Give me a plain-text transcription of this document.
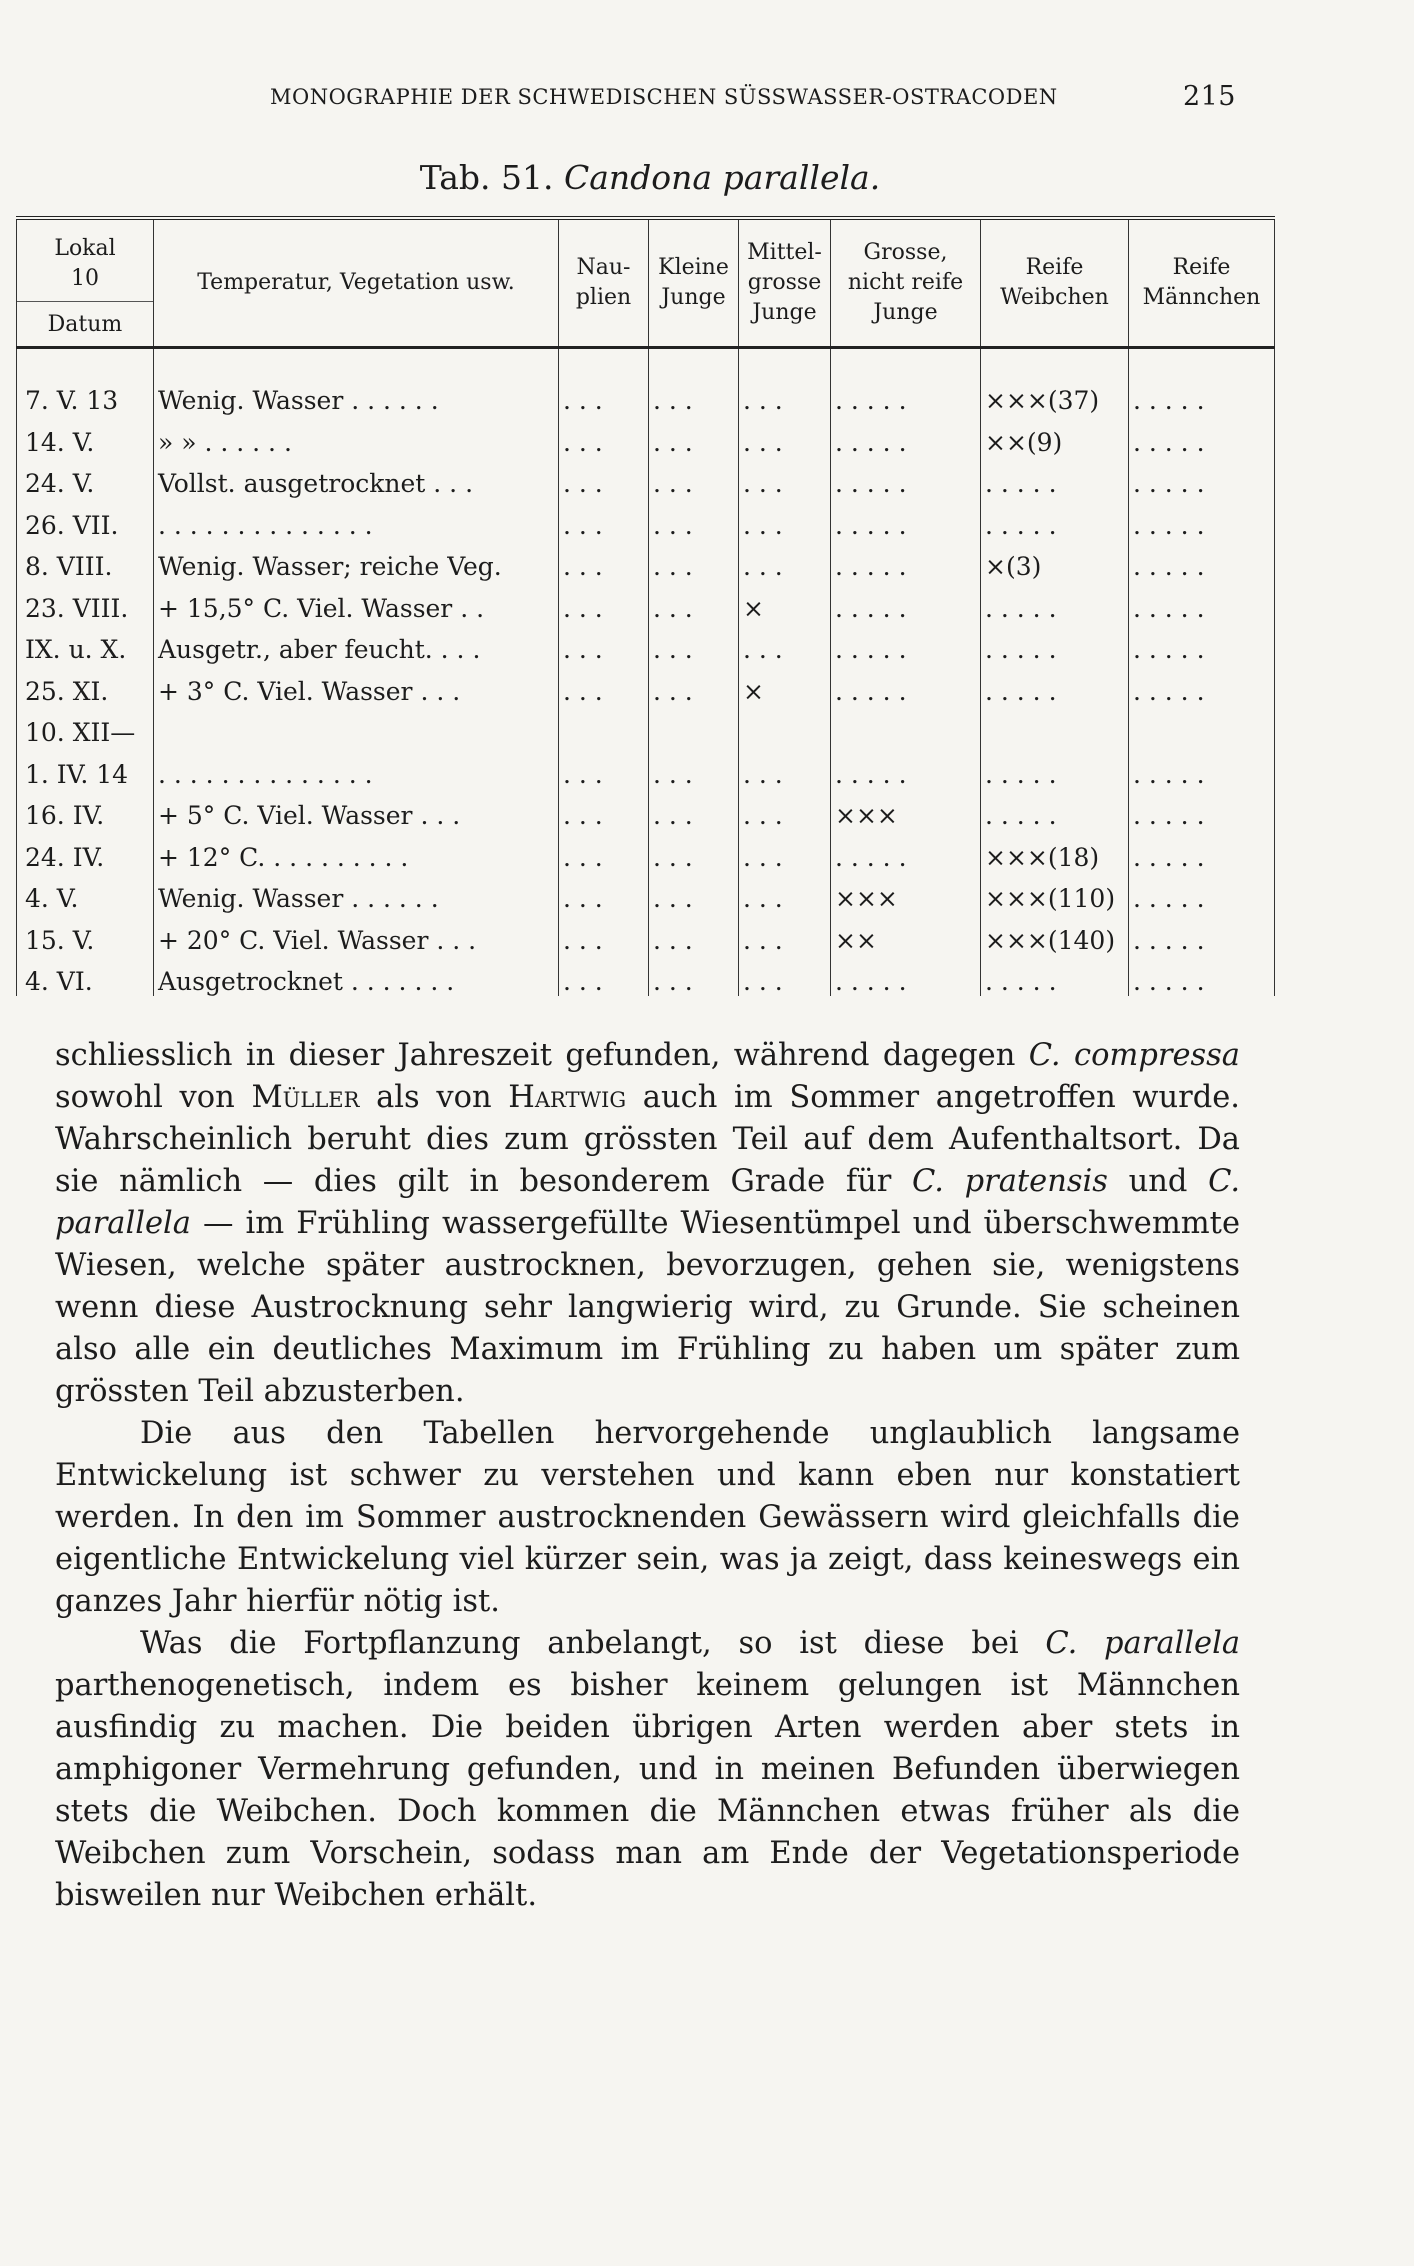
MONOGRAPHIE DER SCHWEDISCHEN SÜSSWASSER-OSTRACODEN	215
Tab. 51. Candona parallela.
Lokal
10
Datum	Temperatur, Vegetation usw.	Nau- plien	Kleine Junge	Mittel- grosse Junge	Grosse, nicht reife Junge	Reife Weibchen	Reife Männchen
7. V. 13	Wenig. Wasser . . . . . .	. . .	. . .	. . .	. . . . .	×××(37)	. . . . .
14. V.	» » . . . . . .	. . .	. . .	. . .	. . . . .	××(9)	. . . . .
24. V.	Vollst. ausgetrocknet . . .	. . .	. . .	. . .	. . . . .	. . . . .	. . . . .
26. VII.	. . . . . . . . . . . . . .	. . .	. . .	. . .	. . . . .	. . . . .	. . . . .
8. VIII.	Wenig. Wasser; reiche Veg.	. . .	. . .	. . .	. . . . .	×(3)	. . . . .
23. VIII.	+ 15,5° C. Viel. Wasser . .	. . .	. . .	×	. . . . .	. . . . .	. . . . .
IX. u. X.	Ausgetr., aber feucht. . . .	. . .	. . .	. . .	. . . . .	. . . . .	. . . . .
25. XI.	+ 3° C. Viel. Wasser . . .	. . .	. . .	×	. . . . .	. . . . .	. . . . .
10. XII—							
1. IV. 14	. . . . . . . . . . . . . .	. . .	. . .	. . .	. . . . .	. . . . .	. . . . .
16. IV.	+ 5° C. Viel. Wasser . . .	. . .	. . .	. . .	×××	. . . . .	. . . . .
24. IV.	+ 12° C. . . . . . . . . .	. . .	. . .	. . .	. . . . .	×××(18)	. . . . .
4. V.	Wenig. Wasser . . . . . .	. . .	. . .	. . .	×××	×××(110)	. . . . .
15. V.	+ 20° C. Viel. Wasser . . .	. . .	. . .	. . .	××	×××(140)	. . . . .
4. VI.	Ausgetrocknet . . . . . . .	. . .	. . .	. . .	. . . . .	. . . . .	. . . . .

schliesslich in dieser Jahreszeit gefunden, während dagegen C. compressa sowohl von Müller als von Hartwig auch im Sommer angetroffen wurde. Wahrscheinlich beruht dies zum grössten Teil auf dem Aufenthaltsort. Da sie nämlich — dies gilt in besonderem Grade für C. pratensis und C. parallela — im Frühling wassergefüllte Wiesentümpel und überschwemmte Wiesen, welche später austrocknen, bevorzugen, gehen sie, wenigstens wenn diese Austrocknung sehr langwierig wird, zu Grunde. Sie scheinen also alle ein deutliches Maximum im Frühling zu haben um später zum grössten Teil abzusterben.

Die aus den Tabellen hervorgehende unglaublich langsame Entwickelung ist schwer zu verstehen und kann eben nur konstatiert werden. In den im Sommer austrocknenden Gewässern wird gleichfalls die eigentliche Entwickelung viel kürzer sein, was ja zeigt, dass keineswegs ein ganzes Jahr hierfür nötig ist.

Was die Fortpflanzung anbelangt, so ist diese bei C. parallela parthenogenetisch, indem es bisher keinem gelungen ist Männchen ausfindig zu machen. Die beiden übrigen Arten werden aber stets in amphigoner Vermehrung gefunden, und in meinen Befunden überwiegen stets die Weibchen. Doch kommen die Männchen etwas früher als die Weibchen zum Vorschein, sodass man am Ende der Vegetationsperiode bisweilen nur Weibchen erhält.
